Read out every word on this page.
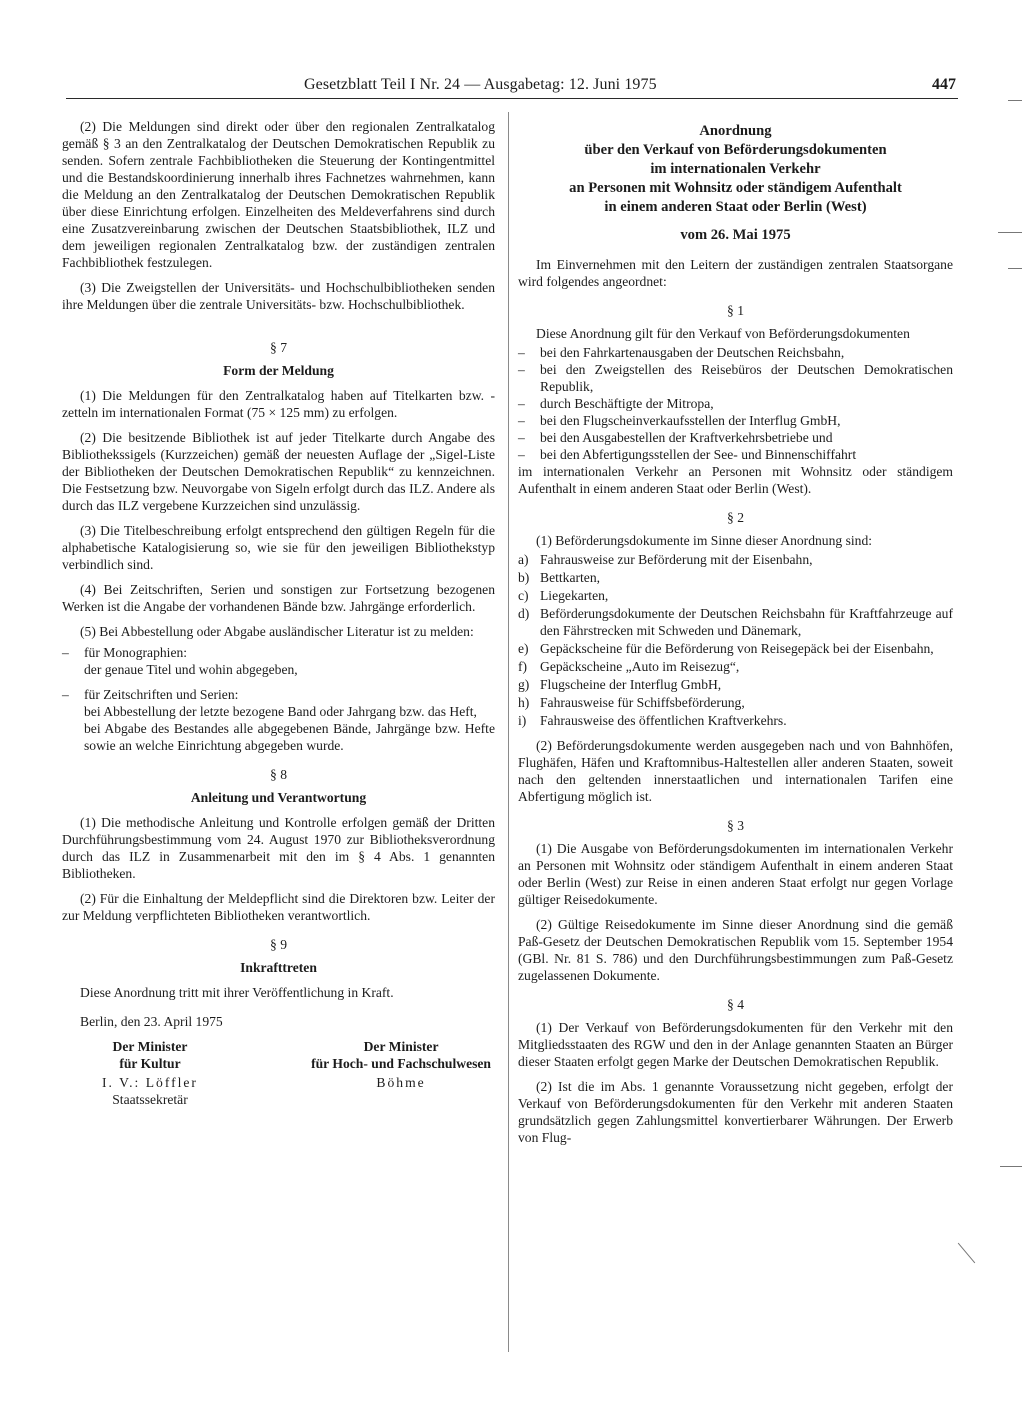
Gesetzblatt Teil I Nr. 24 — Ausgabetag: 12. Juni 1975	447

(2) Die Meldungen sind direkt oder über den regionalen Zentralkatalog gemäß § 3 an den Zentralkatalog der Deutschen Demokratischen Republik zu senden. Sofern zentrale Fachbibliotheken die Steuerung der Kontingentmittel und die Bestandskoordinierung innerhalb ihres Fachnetzes wahrnehmen, kann die Meldung an den Zentralkatalog der Deutschen Demokratischen Republik über diese Einrichtung erfolgen. Einzelheiten des Meldeverfahrens sind durch eine Zusatzvereinbarung zwischen der Deutschen Staatsbibliothek, ILZ und dem jeweiligen regionalen Zentralkatalog bzw. der zuständigen zentralen Fachbibliothek festzulegen.

(3) Die Zweigstellen der Universitäts- und Hochschulbibliotheken senden ihre Meldungen über die zentrale Universitäts- bzw. Hochschulbibliothek.

§ 7
Form der Meldung

(1) Die Meldungen für den Zentralkatalog haben auf Titelkarten bzw. -zetteln im internationalen Format (75 × 125 mm) zu erfolgen.

(2) Die besitzende Bibliothek ist auf jeder Titelkarte durch Angabe des Bibliothekssigels (Kurzzeichen) gemäß der neuesten Auflage der „Sigel-Liste der Bibliotheken der Deutschen Demokratischen Republik“ zu kennzeichnen. Die Festsetzung bzw. Neuvorgabe von Sigeln erfolgt durch das ILZ. Andere als durch das ILZ vergebene Kurzzeichen sind unzulässig.

(3) Die Titelbeschreibung erfolgt entsprechend den gültigen Regeln für die alphabetische Katalogisierung so, wie sie für den jeweiligen Bibliothekstyp verbindlich sind.

(4) Bei Zeitschriften, Serien und sonstigen zur Fortsetzung bezogenen Werken ist die Angabe der vorhandenen Bände bzw. Jahrgänge erforderlich.

(5) Bei Abbestellung oder Abgabe ausländischer Literatur ist zu melden:

–	für Monographien:
der genaue Titel und wohin abgegeben,
–	für Zeitschriften und Serien:
bei Abbestellung der letzte bezogene Band oder Jahrgang bzw. das Heft,
bei Abgabe des Bestandes alle abgegebenen Bände, Jahrgänge bzw. Hefte sowie an welche Einrichtung abgegeben wurde.
§ 8
Anleitung und Verantwortung

(1) Die methodische Anleitung und Kontrolle erfolgen gemäß der Dritten Durchführungsbestimmung vom 24. August 1970 zur Bibliotheksverordnung durch das ILZ in Zusammenarbeit mit den im § 4 Abs. 1 genannten Bibliotheken.

(2) Für die Einhaltung der Meldepflicht sind die Direktoren bzw. Leiter der zur Meldung verpflichteten Bibliotheken verantwortlich.

§ 9
Inkrafttreten

Diese Anordnung tritt mit ihrer Veröffentlichung in Kraft.

Berlin, den 23. April 1975

Der Minister
für Kultur
I. V.: Löffler
Staatssekretär
Der Minister
für Hoch- und Fachschulwesen
Böhme
Anordnung
über den Verkauf von Beförderungsdokumenten
im internationalen Verkehr
an Personen mit Wohnsitz oder ständigem Aufenthalt
in einem anderen Staat oder Berlin (West)
vom 26. Mai 1975

Im Einvernehmen mit den Leitern der zuständigen zentralen Staatsorgane wird folgendes angeordnet:

§ 1

Diese Anordnung gilt für den Verkauf von Beförderungsdokumenten

–	bei den Fahrkartenausgaben der Deutschen Reichsbahn,
–	bei den Zweigstellen des Reisebüros der Deutschen Demokratischen Republik,
–	durch Beschäftigte der Mitropa,
–	bei den Flugscheinverkaufsstellen der Interflug GmbH,
–	bei den Ausgabestellen der Kraftverkehrsbetriebe und
–	bei den Abfertigungsstellen der See- und Binnenschiffahrt

im internationalen Verkehr an Personen mit Wohnsitz oder ständigem Aufenthalt in einem anderen Staat oder Berlin (West).

§ 2

(1) Beförderungsdokumente im Sinne dieser Anordnung sind:

a) Fahrausweise zur Beförderung mit der Eisenbahn,
b) Bettkarten,
c) Liegekarten,
d) Beförderungsdokumente der Deutschen Reichsbahn für Kraftfahrzeuge auf den Fährstrecken mit Schweden und Dänemark,
e) Gepäckscheine für die Beförderung von Reisegepäck bei der Eisenbahn,
f) Gepäckscheine „Auto im Reisezug“,
g) Flugscheine der Interflug GmbH,
h) Fahrausweise für Schiffsbeförderung,
i)	Fahrausweise des öffentlichen Kraftverkehrs.

(2) Beförderungsdokumente werden ausgegeben nach und von Bahnhöfen, Flughäfen, Häfen und Kraftomnibus-Haltestellen aller anderen Staaten, soweit nach den geltenden innerstaatlichen und internationalen Tarifen eine Abfertigung möglich ist.

§ 3

(1) Die Ausgabe von Beförderungsdokumenten im internationalen Verkehr an Personen mit Wohnsitz oder ständigem Aufenthalt in einem anderen Staat oder Berlin (West) zur Reise in einen anderen Staat erfolgt nur gegen Vorlage gültiger Reisedokumente.

(2) Gültige Reisedokumente im Sinne dieser Anordnung sind die gemäß Paß-Gesetz der Deutschen Demokratischen Republik vom 15. September 1954 (GBl. Nr. 81 S. 786) und den Durchführungsbestimmungen zum Paß-Gesetz zugelassenen Dokumente.

§ 4

(1) Der Verkauf von Beförderungsdokumenten für den Verkehr mit den Mitgliedsstaaten des RGW und den in der Anlage genannten Staaten an Bürger dieser Staaten erfolgt gegen Marke der Deutschen Demokratischen Republik.

(2) Ist die im Abs. 1 genannte Voraussetzung nicht gegeben, erfolgt der Verkauf von Beförderungsdokumenten für den Verkehr mit anderen Staaten grundsätzlich gegen Zahlungsmittel konvertierbarer Währungen. Der Erwerb von Flug-
